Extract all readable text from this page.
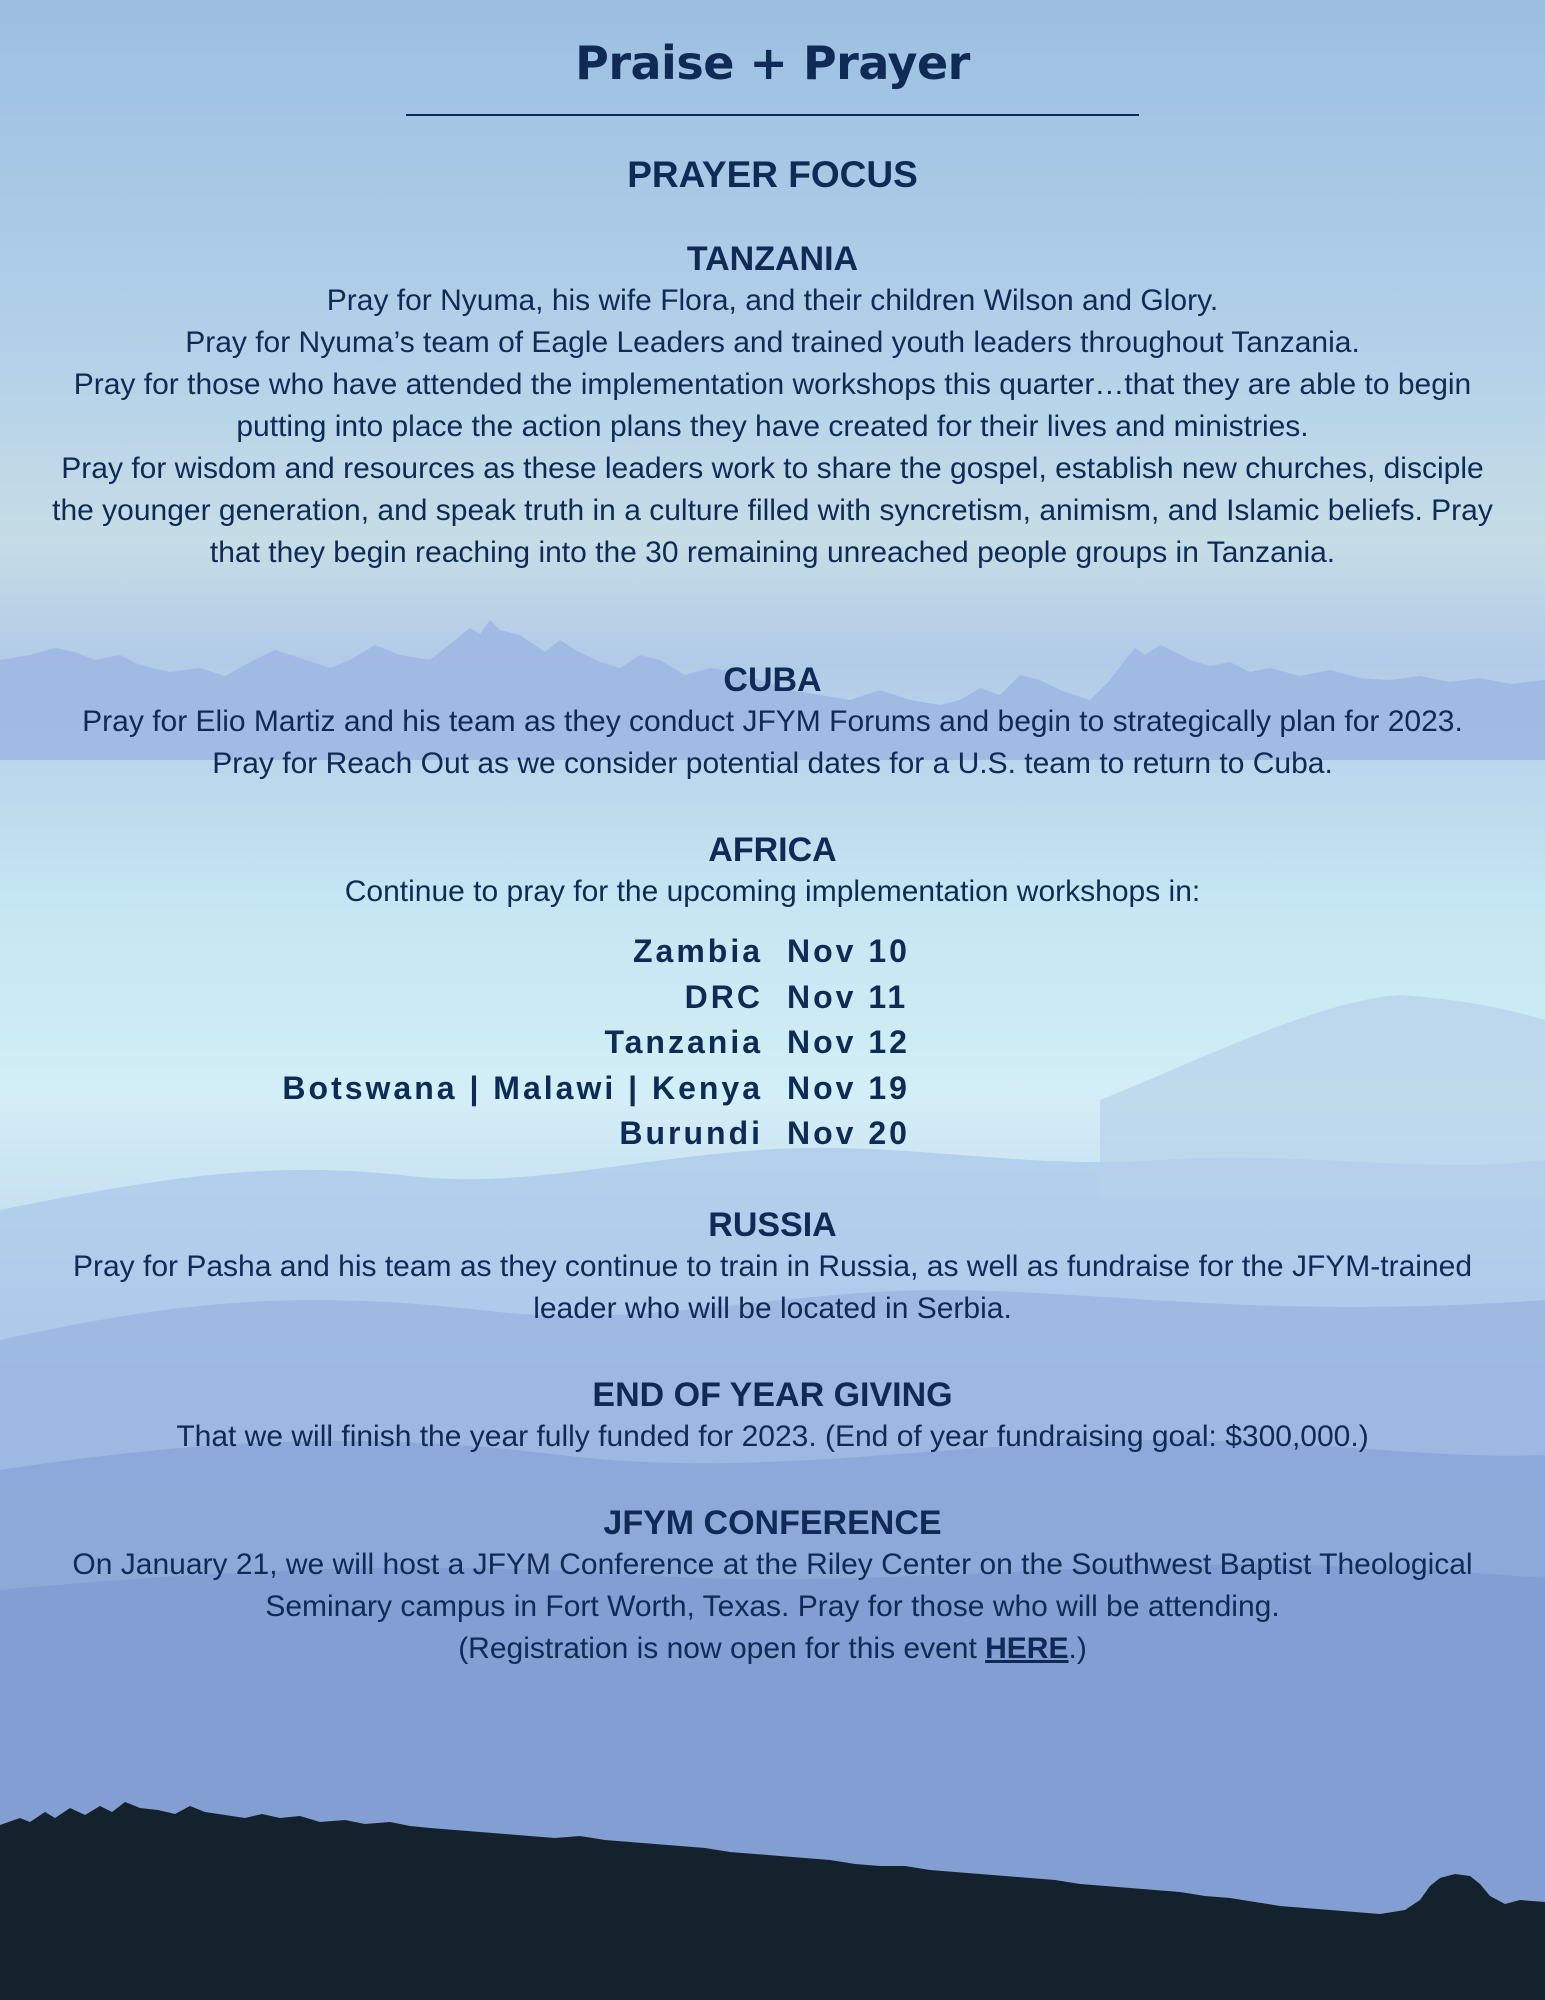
Praise + Prayer
PRAYER FOCUS
TANZANIA

Pray for Nyuma, his wife Flora, and their children Wilson and Glory.

Pray for Nyuma’s team of Eagle Leaders and trained youth leaders throughout Tanzania.

Pray for those who have attended the implementation workshops this quarter…that they are able to begin putting into place the action plans they have created for their lives and ministries.

Pray for wisdom and resources as these leaders work to share the gospel, establish new churches, disciple the younger generation, and speak truth in a culture filled with syncretism, animism, and Islamic beliefs. Pray that they begin reaching into the 30 remaining unreached people groups in Tanzania.

CUBA

Pray for Elio Martiz and his team as they conduct JFYM Forums and begin to strategically plan for 2023. Pray for Reach Out as we consider potential dates for a U.S. team to return to Cuba.

AFRICA

Continue to pray for the upcoming implementation workshops in:

Zambia Nov 10
DRC Nov 11
Tanzania Nov 12
Botswana | Malawi | Kenya Nov 19
Burundi Nov 20
RUSSIA

Pray for Pasha and his team as they continue to train in Russia, as well as fundraise for the JFYM-trained leader who will be located in Serbia.

END OF YEAR GIVING

That we will finish the year fully funded for 2023. (End of year fundraising goal: $300,000.)

JFYM CONFERENCE

On January 21, we will host a JFYM Conference at the Riley Center on the Southwest Baptist Theological Seminary campus in Fort Worth, Texas. Pray for those who will be attending.

(Registration is now open for this event HERE.)
